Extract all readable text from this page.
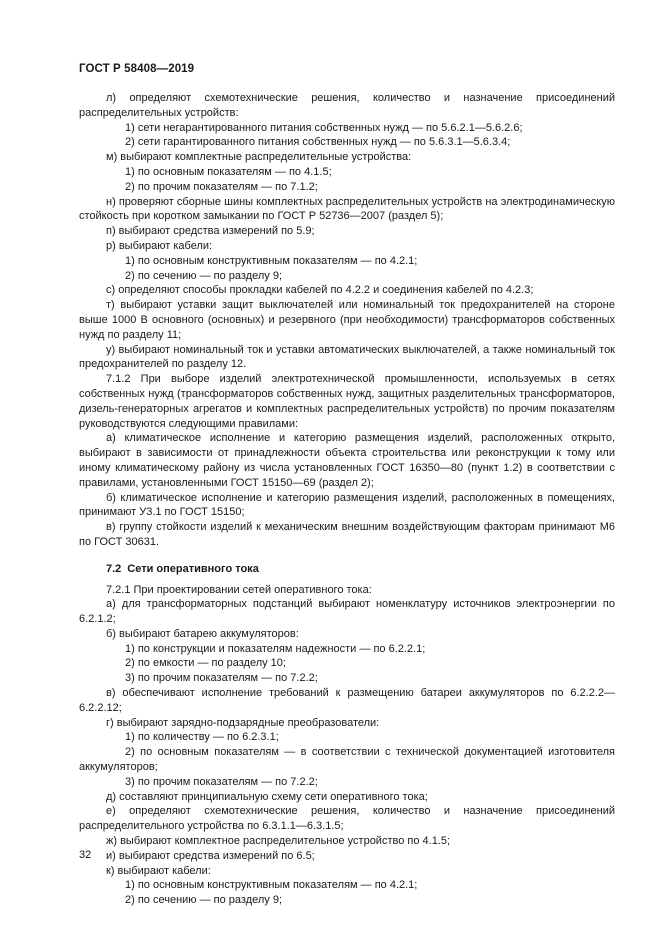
ГОСТ Р 58408—2019

л) определяют схемотехнические решения, количество и назначение присоединений распределительных устройств:

1) сети негарантированного питания собственных нужд — по 5.6.2.1—5.6.2.6;

2) сети гарантированного питания собственных нужд — по 5.6.3.1—5.6.3.4;

м) выбирают комплектные распределительные устройства:

1) по основным показателям — по 4.1.5;

2) по прочим показателям — по 7.1.2;

н) проверяют сборные шины комплектных распределительных устройств на электродинамическую стойкость при коротком замыкании по ГОСТ Р 52736—2007 (раздел 5);

п) выбирают средства измерений по 5.9;

р) выбирают кабели:

1) по основным конструктивным показателям — по 4.2.1;

2) по сечению — по разделу 9;

с) определяют способы прокладки кабелей по 4.2.2 и соединения кабелей по 4.2.3;

т) выбирают уставки защит выключателей или номинальный ток предохранителей на стороне выше 1000 В основного (основных) и резервного (при необходимости) трансформаторов собственных нужд по разделу 11;

у) выбирают номинальный ток и уставки автоматических выключателей, а также номинальный ток предохранителей по разделу 12.

7.1.2 При выборе изделий электротехнической промышленности, используемых в сетях собственных нужд (трансформаторов собственных нужд, защитных разделительных трансформаторов, дизель-генераторных агрегатов и комплектных распределительных устройств) по прочим показателям руководствуются следующими правилами:

а) климатическое исполнение и категорию размещения изделий, расположенных открыто, выбирают в зависимости от принадлежности объекта строительства или реконструкции к тому или иному климатическому району из числа установленных ГОСТ 16350—80 (пункт 1.2) в соответствии с правилами, установленными ГОСТ 15150—69 (раздел 2);

б) климатическое исполнение и категорию размещения изделий, расположенных в помещениях, принимают У3.1 по ГОСТ 15150;

в) группу стойкости изделий к механическим внешним воздействующим факторам принимают М6 по ГОСТ 30631.

7.2 Сети оперативного тока

7.2.1 При проектировании сетей оперативного тока:

а) для трансформаторных подстанций выбирают номенклатуру источников электроэнергии по 6.2.1.2;

б) выбирают батарею аккумуляторов:

1) по конструкции и показателям надежности — по 6.2.2.1;

2) по емкости — по разделу 10;

3) по прочим показателям — по 7.2.2;

в) обеспечивают исполнение требований к размещению батареи аккумуляторов по 6.2.2.2—6.2.2.12;

г) выбирают зарядно-подзарядные преобразователи:

1) по количеству — по 6.2.3.1;

2) по основным показателям — в соответствии с технической документацией изготовителя аккумуляторов;

3) по прочим показателям — по 7.2.2;

д) составляют принципиальную схему сети оперативного тока;

е) определяют схемотехнические решения, количество и назначение присоединений распределительного устройства по 6.3.1.1—6.3.1.5;

ж) выбирают комплектное распределительное устройство по 4.1.5;

и) выбирают средства измерений по 6.5;

к) выбирают кабели:

1) по основным конструктивным показателям — по 4.2.1;

2) по сечению — по разделу 9;

32
